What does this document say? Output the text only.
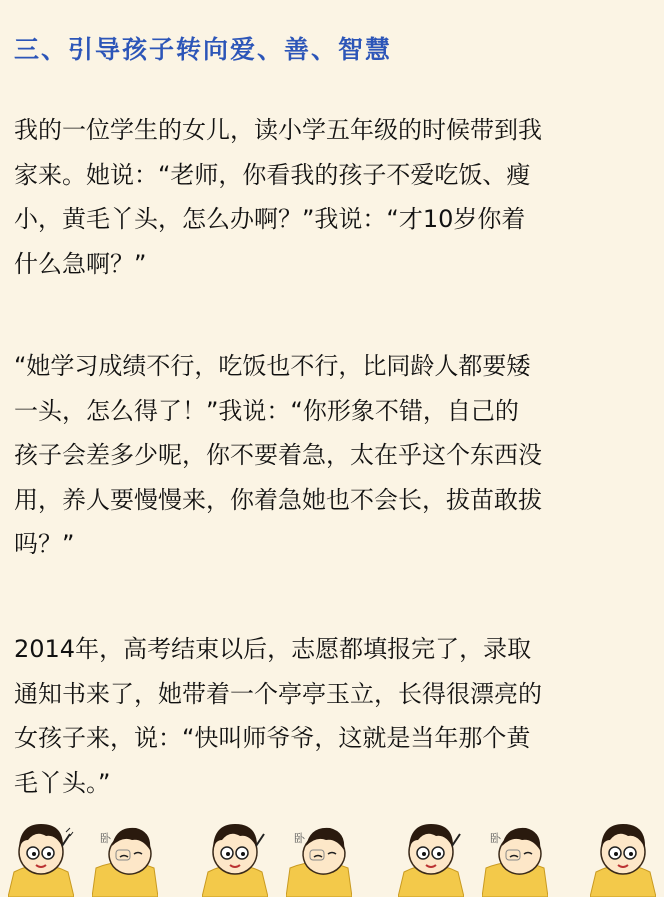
三、引导孩子转向爱、善、智慧
我的一位学生的女儿，读小学五年级的时候带到我
家来。她说：“老师，你看我的孩子不爱吃饭、瘦
小，黄毛丫头，怎么办啊？”我说：“才10岁你着
什么急啊？”
“她学习成绩不行，吃饭也不行，比同龄人都要矮
一头，怎么得了！”我说：“你形象不错，自己的
孩子会差多少呢，你不要着急，太在乎这个东西没
用，养人要慢慢来，你着急她也不会长，拔苗敢拔
吗？”
2014年，高考结束以后，志愿都填报完了，录取
通知书来了，她带着一个亭亭玉立，长得很漂亮的
女孩子来，说：“快叫师爷爷，这就是当年那个黄
毛丫头。”
卧	卧	卧
